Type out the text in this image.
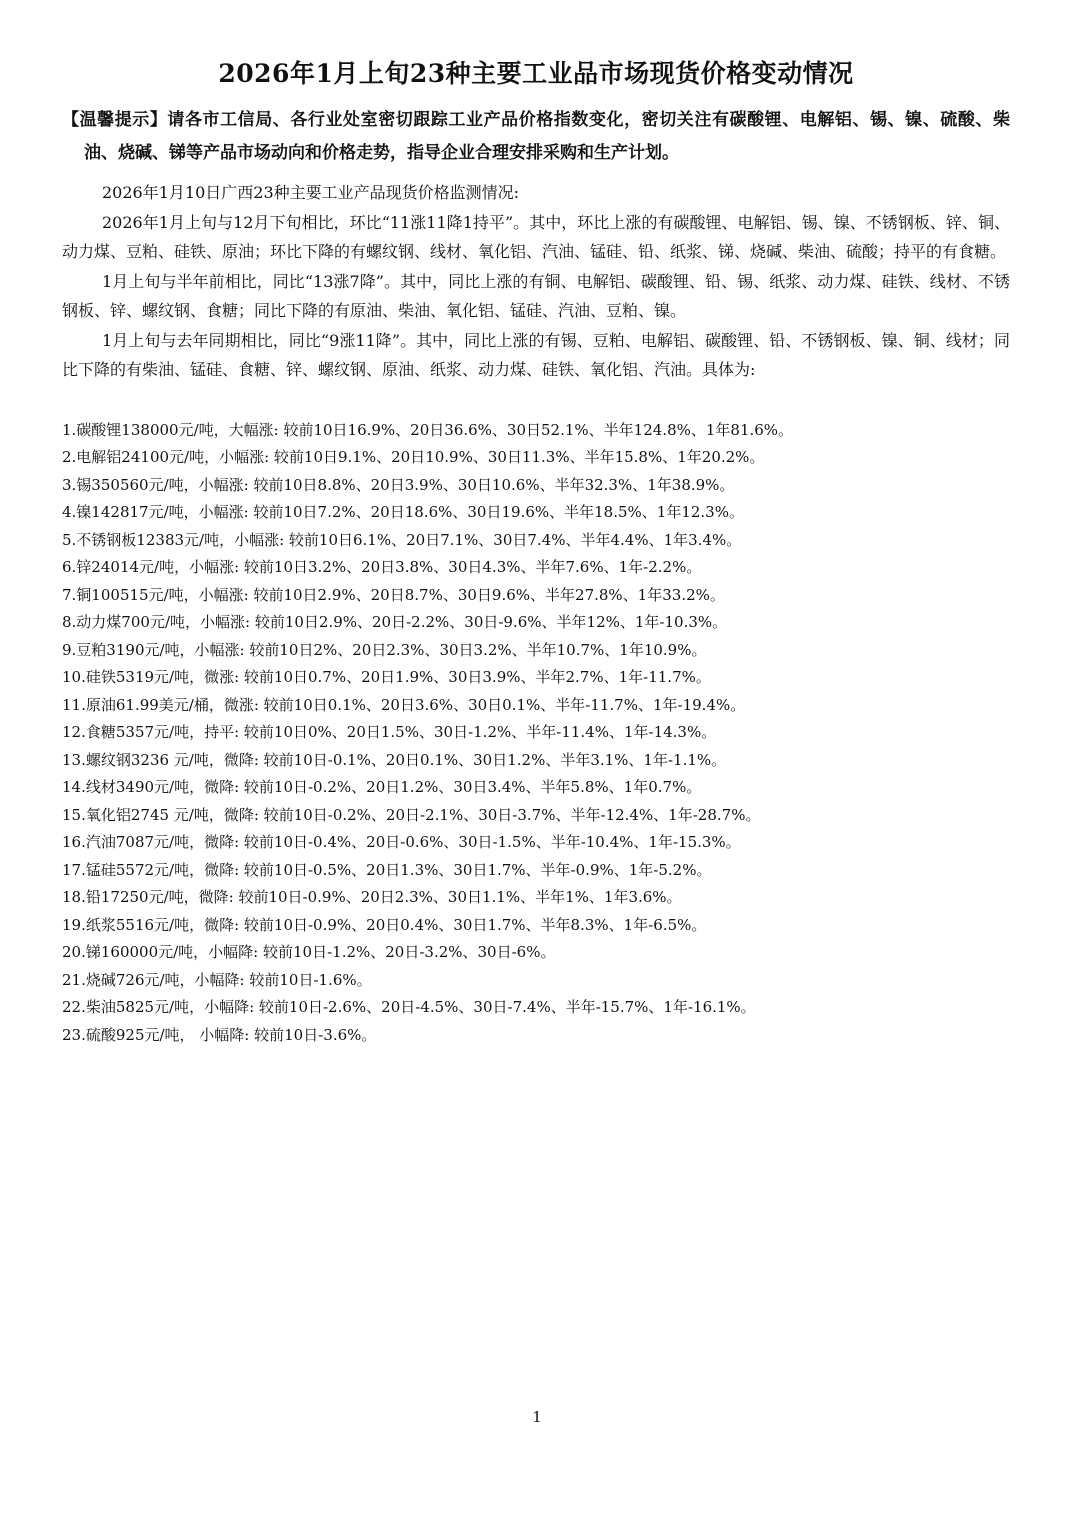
2026年1月上旬23种主要工业品市场现货价格变动情况

【温馨提示】请各市工信局、各行业处室密切跟踪工业产品价格指数变化，密切关注有碳酸锂、电解铝、锡、镍、硫酸、柴油、烧碱、锑等产品市场动向和价格走势，指导企业合理安排采购和生产计划。

2026年1月10日广西23种主要工业产品现货价格监测情况:

2026年1月上旬与12月下旬相比，环比“11涨11降1持平”。其中，环比上涨的有碳酸锂、电解铝、锡、镍、不锈钢板、锌、铜、动力煤、豆粕、硅铁、原油；环比下降的有螺纹钢、线材、氧化铝、汽油、锰硅、铅、纸浆、锑、烧碱、柴油、硫酸；持平的有食糖。

1月上旬与半年前相比，同比“13涨7降”。其中，同比上涨的有铜、电解铝、碳酸锂、铅、锡、纸浆、动力煤、硅铁、线材、不锈钢板、锌、螺纹钢、食糖；同比下降的有原油、柴油、氧化铝、锰硅、汽油、豆粕、镍。

1月上旬与去年同期相比，同比“9涨11降”。其中，同比上涨的有锡、豆粕、电解铝、碳酸锂、铅、不锈钢板、镍、铜、线材；同比下降的有柴油、锰硅、食糖、锌、螺纹钢、原油、纸浆、动力煤、硅铁、氧化铝、汽油。具体为:

1.碳酸锂138000元/吨，大幅涨: 较前10日16.9%、20日36.6%、30日52.1%、半年124.8%、1年81.6%。
2.电解铝24100元/吨，小幅涨: 较前10日9.1%、20日10.9%、30日11.3%、半年15.8%、1年20.2%。
3.锡350560元/吨，小幅涨: 较前10日8.8%、20日3.9%、30日10.6%、半年32.3%、1年38.9%。
4.镍142817元/吨，小幅涨: 较前10日7.2%、20日18.6%、30日19.6%、半年18.5%、1年12.3%。
5.不锈钢板12383元/吨，小幅涨: 较前10日6.1%、20日7.1%、30日7.4%、半年4.4%、1年3.4%。
6.锌24014元/吨，小幅涨: 较前10日3.2%、20日3.8%、30日4.3%、半年7.6%、1年-2.2%。
7.铜100515元/吨，小幅涨: 较前10日2.9%、20日8.7%、30日9.6%、半年27.8%、1年33.2%。
8.动力煤700元/吨，小幅涨: 较前10日2.9%、20日-2.2%、30日-9.6%、半年12%、1年-10.3%。
9.豆粕3190元/吨，小幅涨: 较前10日2%、20日2.3%、30日3.2%、半年10.7%、1年10.9%。
10.硅铁5319元/吨，微涨: 较前10日0.7%、20日1.9%、30日3.9%、半年2.7%、1年-11.7%。
11.原油61.99美元/桶，微涨: 较前10日0.1%、20日3.6%、30日0.1%、半年-11.7%、1年-19.4%。
12.食糖5357元/吨，持平: 较前10日0%、20日1.5%、30日-1.2%、半年-11.4%、1年-14.3%。
13.螺纹钢3236 元/吨，微降: 较前10日-0.1%、20日0.1%、30日1.2%、半年3.1%、1年-1.1%。
14.线材3490元/吨，微降: 较前10日-0.2%、20日1.2%、30日3.4%、半年5.8%、1年0.7%。
15.氧化铝2745 元/吨，微降: 较前10日-0.2%、20日-2.1%、30日-3.7%、半年-12.4%、1年-28.7%。
16.汽油7087元/吨，微降: 较前10日-0.4%、20日-0.6%、30日-1.5%、半年-10.4%、1年-15.3%。
17.锰硅5572元/吨，微降: 较前10日-0.5%、20日1.3%、30日1.7%、半年-0.9%、1年-5.2%。
18.铅17250元/吨，微降: 较前10日-0.9%、20日2.3%、30日1.1%、半年1%、1年3.6%。
19.纸浆5516元/吨，微降: 较前10日-0.9%、20日0.4%、30日1.7%、半年8.3%、1年-6.5%。
20.锑160000元/吨，小幅降: 较前10日-1.2%、20日-3.2%、30日-6%。
21.烧碱726元/吨，小幅降: 较前10日-1.6%。
22.柴油5825元/吨，小幅降: 较前10日-2.6%、20日-4.5%、30日-7.4%、半年-15.7%、1年-16.1%。
23.硫酸925元/吨， 小幅降: 较前10日-3.6%。
1
